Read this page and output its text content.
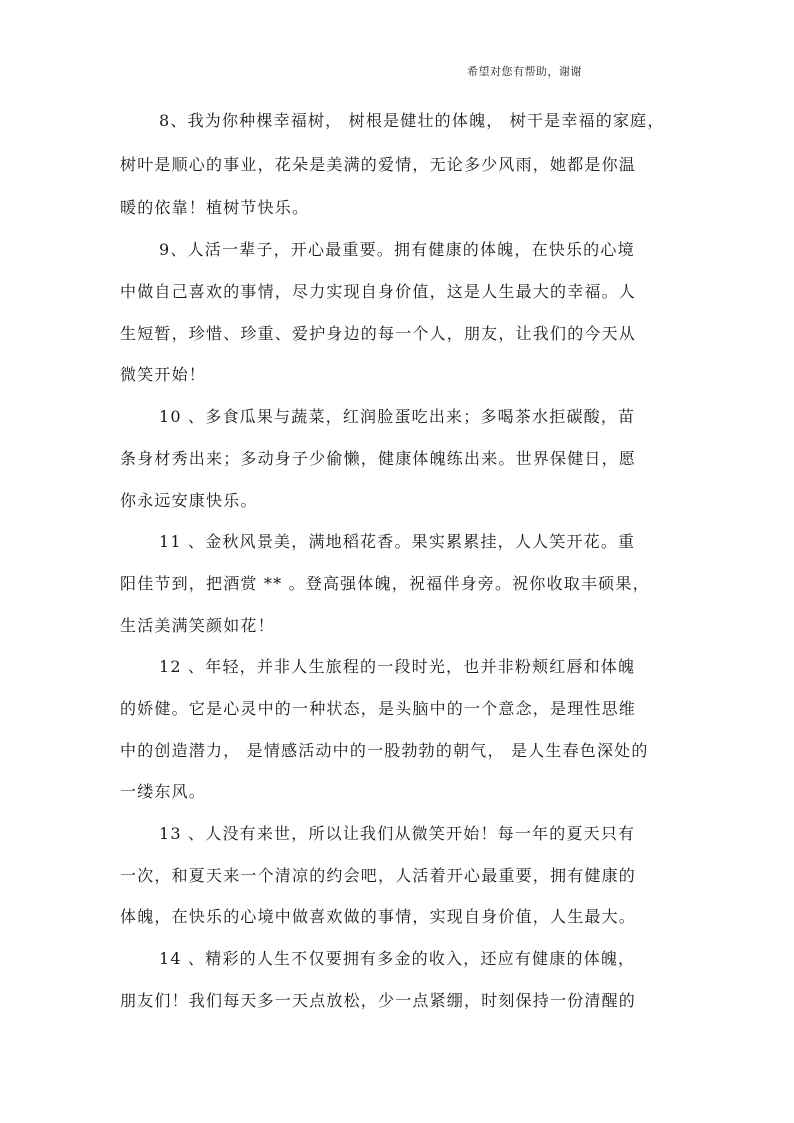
希望对您有帮助，谢谢
8、我为你种棵幸福树， 树根是健壮的体魄， 树干是幸福的家庭，
树叶是顺心的事业，花朵是美满的爱情，无论多少风雨，她都是你温
暖的依靠！植树节快乐。
9、人活一辈子，开心最重要。拥有健康的体魄，在快乐的心境
中做自己喜欢的事情，尽力实现自身价值，这是人生最大的幸福。人
生短暂，珍惜、珍重、爱护身边的每一个人，朋友，让我们的今天从
微笑开始！
10 、多食瓜果与蔬菜，红润脸蛋吃出来；多喝茶水拒碳酸，苗
条身材秀出来；多动身子少偷懒，健康体魄练出来。世界保健日，愿
你永远安康快乐。
11 、金秋风景美，满地稻花香。果实累累挂，人人笑开花。重
阳佳节到，把酒赏 ** 。登高强体魄，祝福伴身旁。祝你收取丰硕果，
生活美满笑颜如花！
12 、年轻，并非人生旅程的一段时光，也并非粉颊红唇和体魄
的娇健。它是心灵中的一种状态，是头脑中的一个意念，是理性思维
中的创造潜力， 是情感活动中的一股勃勃的朝气， 是人生春色深处的
一缕东风。
13 、人没有来世，所以让我们从微笑开始！每一年的夏天只有
一次，和夏天来一个清凉的约会吧，人活着开心最重要，拥有健康的
体魄，在快乐的心境中做喜欢做的事情，实现自身价值，人生最大。
14 、精彩的人生不仅要拥有多金的收入，还应有健康的体魄，
朋友们！我们每天多一天点放松，少一点紧绷，时刻保持一份清醒的
